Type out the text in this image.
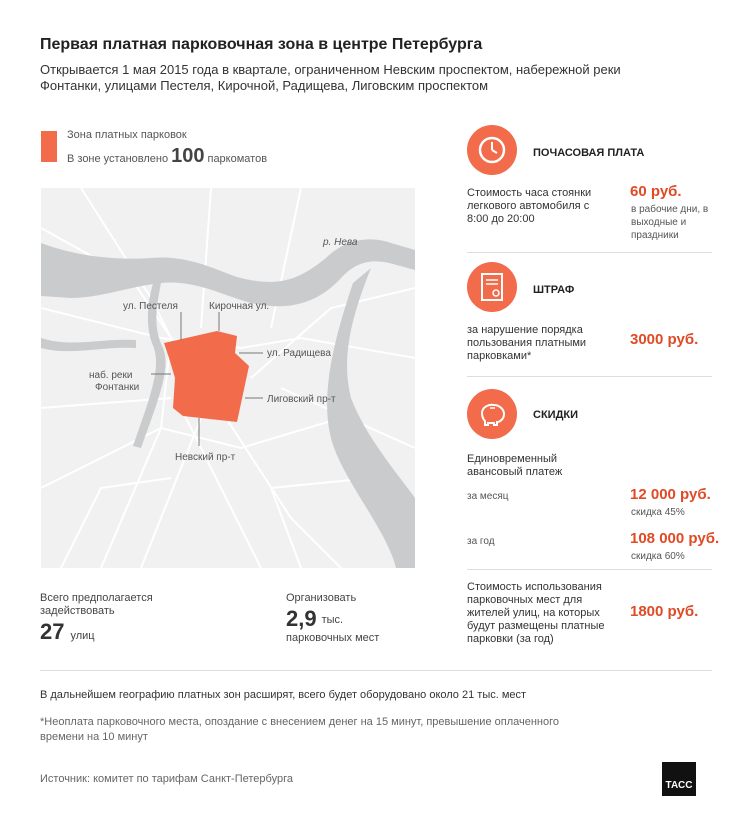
Первая платная парковочная зона в центре Петербурга
Открывается 1 мая 2015 года в квартале, ограниченном Невским проспектом, набережной реки Фонтанки, улицами Пестеля, Кирочной, Радищева, Лиговским проспектом
Зона платных парковок
В зоне установлено 100 паркоматов
р. Нева
ул. Пестеля	Кирочная ул.
ул. Радищева
наб. реки
Фонтанки
Лиговский пр-т
Невский пр-т
Всего предполагается задействовать
27 улиц
Организовать
2,9 тыс.
парковочных мест
ПОЧАСОВАЯ ПЛАТА
Стоимость часа стоянки легкового автомобиля с 8:00 до 20:00
60 руб.
в рабочие дни, в выходные и праздники
ШТРАФ
за нарушение порядка пользования платными парковками*
3000 руб.
СКИДКИ
Единовременный авансовый платеж
за месяц	12 000 руб.
скидка 45%
за год	108 000 руб.
скидка 60%
Стоимость использования парковочных мест для жителей улиц, на которых будут размещены платные парковки (за год)
1800 руб.
В дальнейшем географию платных зон расширят, всего будет оборудовано около 21 тыс. мест
*Неоплата парковочного места, опоздание с внесением денег на 15 минут, превышение оплаченного времени на 10 минут
Источник: комитет по тарифам Санкт-Петербурга
ТАСС
